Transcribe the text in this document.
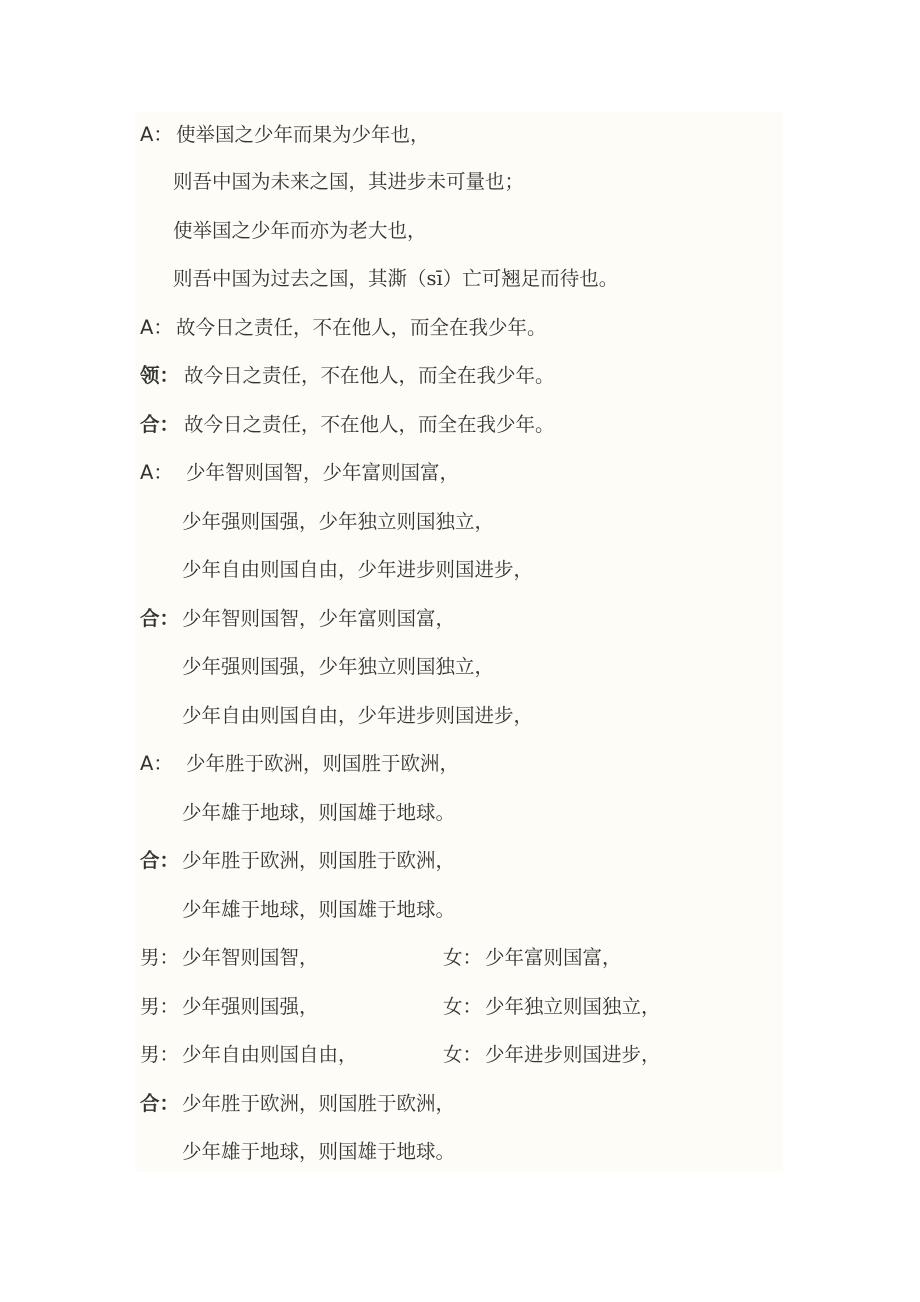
A： 使举国之少年而果为少年也，
则吾中国为未来之国，其进步未可量也；
使举国之少年而亦为老大也，
则吾中国为过去之国，其澌（sī）亡可翘足而待也。
A： 故今日之责任，不在他人，而全在我少年。
领： 故今日之责任，不在他人，而全在我少年。
合： 故今日之责任，不在他人，而全在我少年。
A： 少年智则国智，少年富则国富，
少年强则国强，少年独立则国独立，
少年自由则国自由，少年进步则国进步，
合： 少年智则国智，少年富则国富，
少年强则国强，少年独立则国独立，
少年自由则国自由，少年进步则国进步，
A： 少年胜于欧洲，则国胜于欧洲，
少年雄于地球，则国雄于地球。
合： 少年胜于欧洲，则国胜于欧洲，
少年雄于地球，则国雄于地球。
男： 少年智则国智，	女： 少年富则国富，
男： 少年强则国强，	女： 少年独立则国独立，
男： 少年自由则国自由，	女： 少年进步则国进步，
合： 少年胜于欧洲，则国胜于欧洲，
少年雄于地球，则国雄于地球。
